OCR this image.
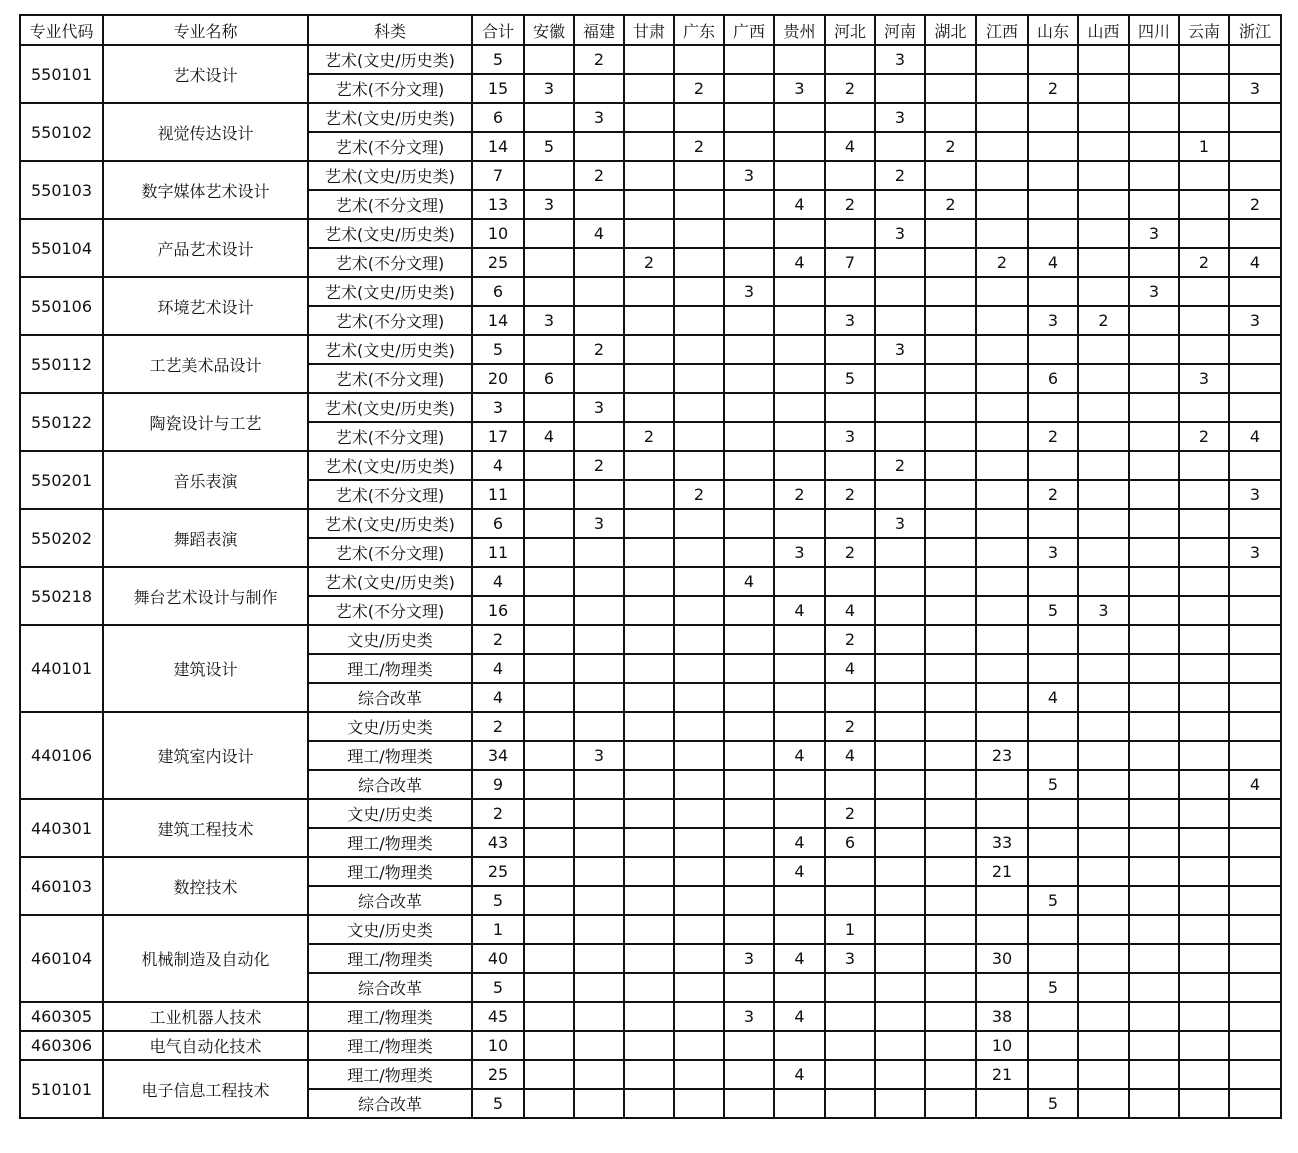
专业代码	专业名称	科类	合计	安徽	福建	甘肃	广东	广西	贵州	河北	河南	湖北	江西	山东	山西	四川	云南	浙江
550101	艺术设计	艺术(文史/历史类)	5		2						3							
		艺术(不分文理)	15	3			2		3	2				2				3
550102	视觉传达设计	艺术(文史/历史类)	6		3						3							
		艺术(不分文理)	14	5			2			4		2					1	
550103	数字媒体艺术设计	艺术(文史/历史类)	7		2			3			2							
		艺术(不分文理)	13	3					4	2		2						2
550104	产品艺术设计	艺术(文史/历史类)	10		4						3					3		
		艺术(不分文理)	25			2			4	7			2	4			2	4
550106	环境艺术设计	艺术(文史/历史类)	6					3								3		
		艺术(不分文理)	14	3						3				3	2			3
550112	工艺美术品设计	艺术(文史/历史类)	5		2						3							
		艺术(不分文理)	20	6						5				6			3	
550122	陶瓷设计与工艺	艺术(文史/历史类)	3		3													
		艺术(不分文理)	17	4		2				3				2			2	4
550201	音乐表演	艺术(文史/历史类)	4		2						2							
		艺术(不分文理)	11				2		2	2				2				3
550202	舞蹈表演	艺术(文史/历史类)	6		3						3							
		艺术(不分文理)	11						3	2				3				3
550218	舞台艺术设计与制作	艺术(文史/历史类)	4					4										
		艺术(不分文理)	16						4	4				5	3			
440101	建筑设计	文史/历史类	2							2								
		理工/物理类	4							4								
		综合改革	4											4				
440106	建筑室内设计	文史/历史类	2							2								
		理工/物理类	34		3				4	4			23					
		综合改革	9											5				4
440301	建筑工程技术	文史/历史类	2							2								
		理工/物理类	43						4	6			33					
460103	数控技术	理工/物理类	25						4				21					
		综合改革	5											5				
460104	机械制造及自动化	文史/历史类	1							1								
		理工/物理类	40					3	4	3			30					
		综合改革	5											5				
460305	工业机器人技术	理工/物理类	45					3	4				38					
460306	电气自动化技术	理工/物理类	10										10					
510101	电子信息工程技术	理工/物理类	25						4				21					
		综合改革	5											5				
